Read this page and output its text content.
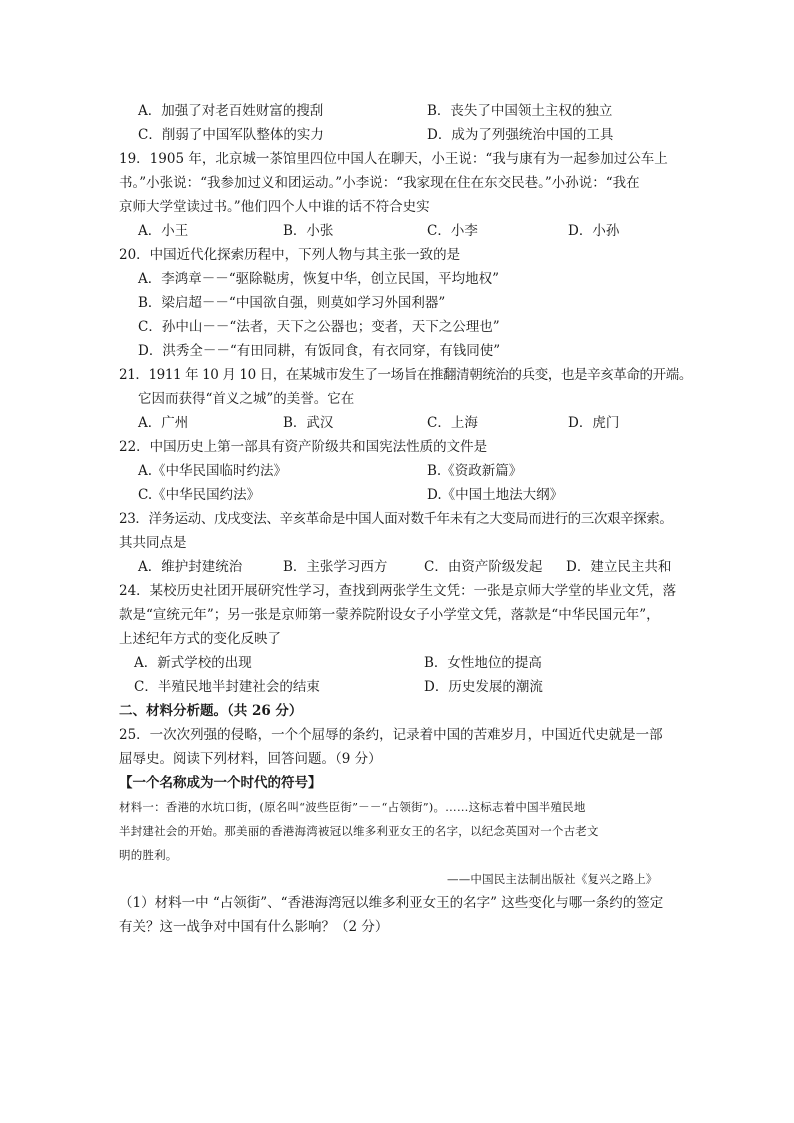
A．加强了对老百姓财富的搜刮	B．丧失了中国领土主权的独立
C．削弱了中国军队整体的实力	D．成为了列强统治中国的工具
19．1905 年，北京城一茶馆里四位中国人在聊天，小王说：“我与康有为一起参加过公车上
书。”小张说：“我参加过义和团运动。”小李说：“我家现在住在东交民巷。”小孙说：“我在
京师大学堂读过书。”他们四个人中谁的话不符合史实
A．小王	B．小张	C．小李	D．小孙
20．中国近代化探索历程中，下列人物与其主张一致的是
A．李鸿章－－“驱除鞑虏，恢复中华，创立民国，平均地权”
B．梁启超－－“中国欲自强，则莫如学习外国利器”
C．孙中山－－“法者，天下之公器也；变者，天下之公理也”
D．洪秀全－－“有田同耕，有饭同食，有衣同穿，有钱同使”
21．1911 年 10 月 10 日，在某城市发生了一场旨在推翻清朝统治的兵变，也是辛亥革命的开端。
它因而获得“首义之城”的美誉。它在
A．广州	B．武汉	C．上海	D．虎门
22．中国历史上第一部具有资产阶级共和国宪法性质的文件是
A.《中华民国临时约法》	B.《资政新篇》
C.《中华民国约法》	D.《中国土地法大纲》
23．洋务运动、戊戌变法、辛亥革命是中国人面对数千年未有之大变局而进行的三次艰辛探索。
其共同点是
A．维护封建统治	B．主张学习西方	C．由资产阶级发起 D．建立民主共和
24．某校历史社团开展研究性学习，查找到两张学生文凭：一张是京师大学堂的毕业文凭，落
款是“宣统元年”；另一张是京师第一蒙养院附设女子小学堂文凭，落款是“中华民国元年”，
上述纪年方式的变化反映了
A．新式学校的出现	B．女性地位的提高
C．半殖民地半封建社会的结束	D．历史发展的潮流
二、材料分析题。（共 26 分）
25．一次次列强的侵略，一个个屈辱的条约，记录着中国的苦难岁月，中国近代史就是一部
屈辱史。阅读下列材料，回答问题。（9 分）
【一个名称成为一个时代的符号】
材料一：香港的水坑口街，(原名叫“波些臣街”－－“占领街”)。……这标志着中国半殖民地
半封建社会的开始。那美丽的香港海湾被冠以维多利亚女王的名字，以纪念英国对一个古老文
明的胜利。
——中国民主法制出版社《复兴之路上》
（1）材料一中 “占领街”、“香港海湾冠以维多利亚女王的名字” 这些变化与哪一条约的签定
有关？这一战争对中国有什么影响？（2 分）
